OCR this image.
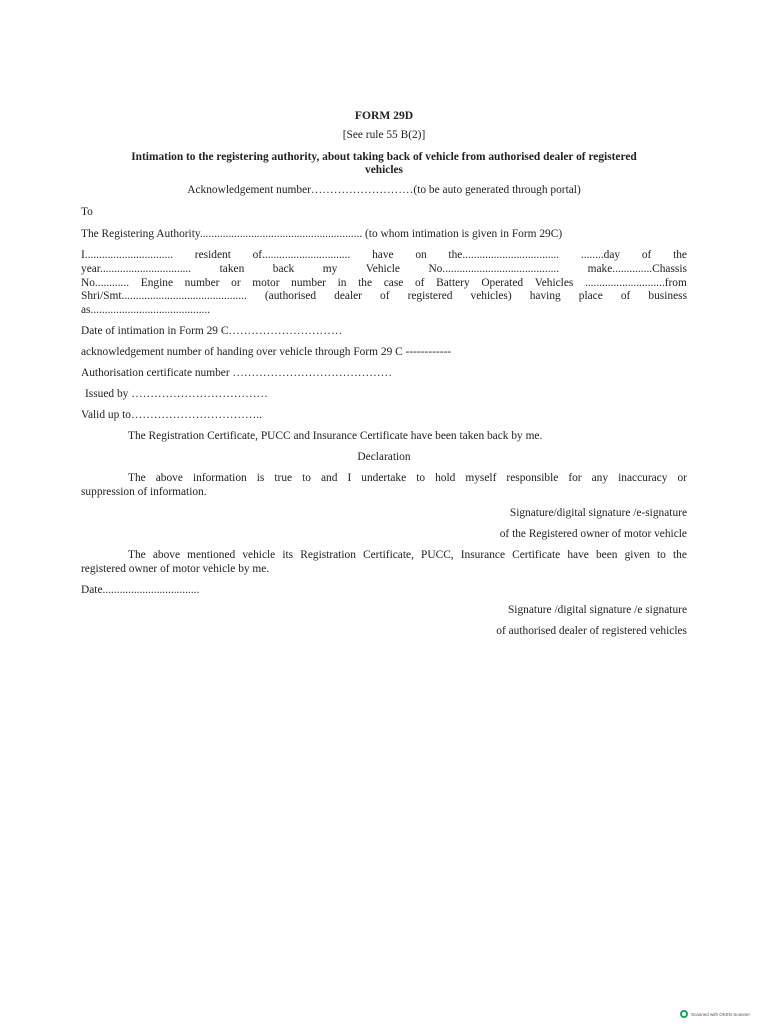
FORM 29D
[See rule 55 B(2)]
Intimation to the registering authority, about taking back of vehicle from authorised dealer of registered
vehicles
Acknowledgement number………………………(to be auto generated through portal)
To
The Registering Authority......................................................... (to whom intimation is given in Form 29C)
I............................... resident of............................... have on the.................................. ........day of the
year................................ taken back my Vehicle No......................................... make..............Chassis
No............ Engine number or motor number in the case of Battery Operated Vehicles ............................from
Shri/Smt............................................ (authorised dealer of registered vehicles) having place of business
as..........................................
Date of intimation in Form 29 C…………………………
acknowledgement number of handing over vehicle through Form 29 C ------------
Authorisation certificate number ……………………………………
Issued by ………………………………
Valid up to……………………………..
The Registration Certificate, PUCC and Insurance Certificate have been taken back by me.
Declaration
The above information is true to and I undertake to hold myself responsible for any inaccuracy or
suppression of information.
Signature/digital signature /e-signature
of the Registered owner of motor vehicle
The above mentioned vehicle its Registration Certificate, PUCC, Insurance Certificate have been given to the
registered owner of motor vehicle by me.
Date..................................
Signature /digital signature /e signature
of authorised dealer of registered vehicles
Scanned with OKEN Scanner
